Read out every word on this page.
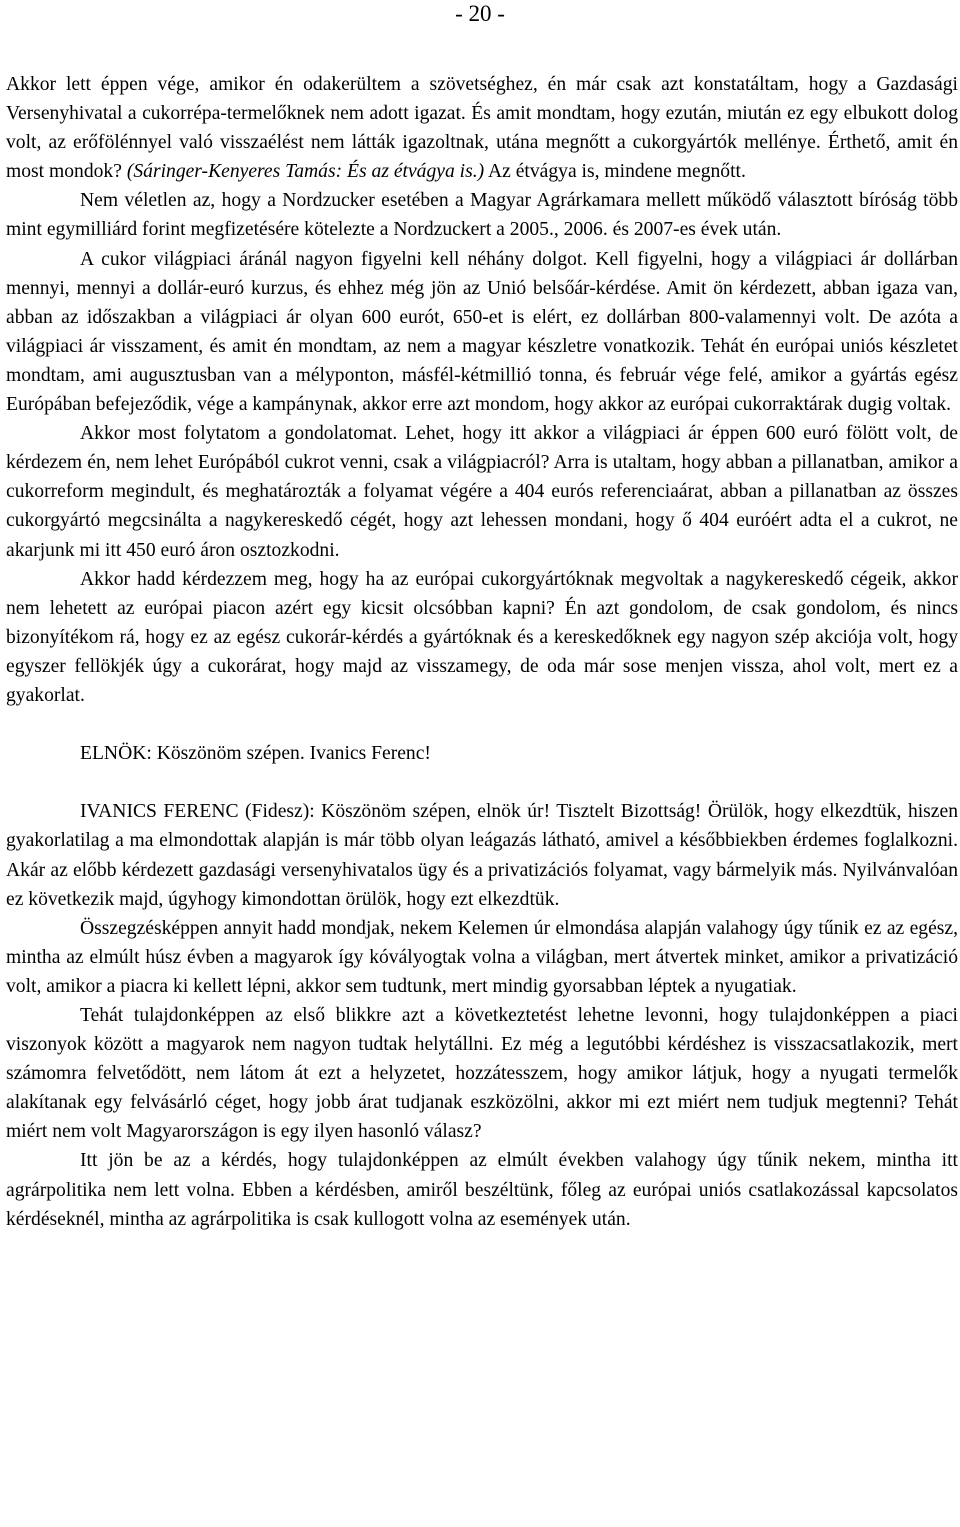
- 20 -

Akkor lett éppen vége, amikor én odakerültem a szövetséghez, én már csak azt konstatáltam, hogy a Gazdasági Versenyhivatal a cukorrépa-termelőknek nem adott igazat. És amit mondtam, hogy ezután, miután ez egy elbukott dolog volt, az erőfölénnyel való visszaélést nem látták igazoltnak, utána megnőtt a cukorgyártók mellénye. Érthető, amit én most mondok? (Sáringer-Kenyeres Tamás: És az étvágya is.) Az étvágya is, mindene megnőtt.

Nem véletlen az, hogy a Nordzucker esetében a Magyar Agrárkamara mellett működő választott bíróság több mint egymilliárd forint megfizetésére kötelezte a Nordzuckert a 2005., 2006. és 2007-es évek után.

A cukor világpiaci áránál nagyon figyelni kell néhány dolgot. Kell figyelni, hogy a világpiaci ár dollárban mennyi, mennyi a dollár-euró kurzus, és ehhez még jön az Unió belsőár-kérdése. Amit ön kérdezett, abban igaza van, abban az időszakban a világpiaci ár olyan 600 eurót, 650-et is elért, ez dollárban 800-valamennyi volt. De azóta a világpiaci ár visszament, és amit én mondtam, az nem a magyar készletre vonatkozik. Tehát én európai uniós készletet mondtam, ami augusztusban van a mélyponton, másfél-kétmillió tonna, és február vége felé, amikor a gyártás egész Európában befejeződik, vége a kampánynak, akkor erre azt mondom, hogy akkor az európai cukorraktárak dugig voltak.

Akkor most folytatom a gondolatomat. Lehet, hogy itt akkor a világpiaci ár éppen 600 euró fölött volt, de kérdezem én, nem lehet Európából cukrot venni, csak a világpiacról? Arra is utaltam, hogy abban a pillanatban, amikor a cukorreform megindult, és meghatározták a folyamat végére a 404 eurós referenciaárat, abban a pillanatban az összes cukorgyártó megcsinálta a nagykereskedő cégét, hogy azt lehessen mondani, hogy ő 404 euróért adta el a cukrot, ne akarjunk mi itt 450 euró áron osztozkodni.

Akkor hadd kérdezzem meg, hogy ha az európai cukorgyártóknak megvoltak a nagykereskedő cégeik, akkor nem lehetett az európai piacon azért egy kicsit olcsóbban kapni? Én azt gondolom, de csak gondolom, és nincs bizonyítékom rá, hogy ez az egész cukorár-kérdés a gyártóknak és a kereskedőknek egy nagyon szép akciója volt, hogy egyszer fellökjék úgy a cukorárat, hogy majd az visszamegy, de oda már sose menjen vissza, ahol volt, mert ez a gyakorlat.

ELNÖK: Köszönöm szépen. Ivanics Ferenc!

IVANICS FERENC (Fidesz): Köszönöm szépen, elnök úr! Tisztelt Bizottság! Örülök, hogy elkezdtük, hiszen gyakorlatilag a ma elmondottak alapján is már több olyan leágazás látható, amivel a későbbiekben érdemes foglalkozni. Akár az előbb kérdezett gazdasági versenyhivatalos ügy és a privatizációs folyamat, vagy bármelyik más. Nyilvánvalóan ez következik majd, úgyhogy kimondottan örülök, hogy ezt elkezdtük.

Összegzésképpen annyit hadd mondjak, nekem Kelemen úr elmondása alapján valahogy úgy tűnik ez az egész, mintha az elmúlt húsz évben a magyarok így kóvályogtak volna a világban, mert átvertek minket, amikor a privatizáció volt, amikor a piacra ki kellett lépni, akkor sem tudtunk, mert mindig gyorsabban léptek a nyugatiak.

Tehát tulajdonképpen az első blikkre azt a következtetést lehetne levonni, hogy tulajdonképpen a piaci viszonyok között a magyarok nem nagyon tudtak helytállni. Ez még a legutóbbi kérdéshez is visszacsatlakozik, mert számomra felvetődött, nem látom át ezt a helyzetet, hozzátesszem, hogy amikor látjuk, hogy a nyugati termelők alakítanak egy felvásárló céget, hogy jobb árat tudjanak eszközölni, akkor mi ezt miért nem tudjuk megtenni? Tehát miért nem volt Magyarországon is egy ilyen hasonló válasz?

Itt jön be az a kérdés, hogy tulajdonképpen az elmúlt években valahogy úgy tűnik nekem, mintha itt agrárpolitika nem lett volna. Ebben a kérdésben, amiről beszéltünk, főleg az európai uniós csatlakozással kapcsolatos kérdéseknél, mintha az agrárpolitika is csak kullogott volna az események után.
